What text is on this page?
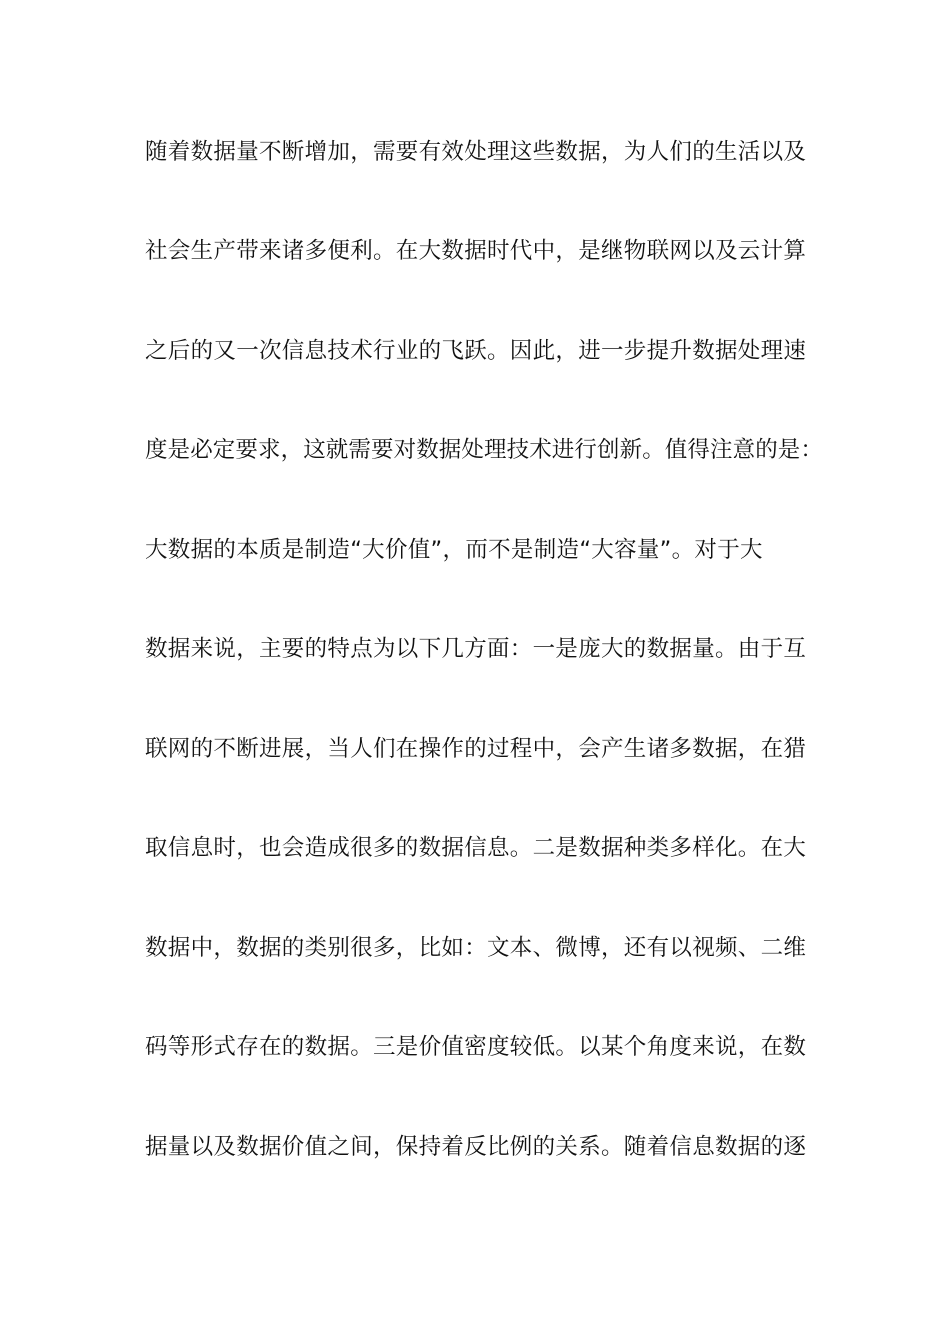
随着数据量不断增加，需要有效处理这些数据，为人们的生活以及
社会生产带来诸多便利。在大数据时代中，是继物联网以及云计算
之后的又一次信息技术行业的飞跃。因此，进一步提升数据处理速
度是必定要求，这就需要对数据处理技术进行创新。值得注意的是：
大数据的本质是制造“大价值”，而不是制造“大容量”。对于大
数据来说，主要的特点为以下几方面：一是庞大的数据量。由于互
联网的不断进展，当人们在操作的过程中，会产生诸多数据，在猎
取信息时，也会造成很多的数据信息。二是数据种类多样化。在大
数据中，数据的类别很多，比如：文本、微博，还有以视频、二维
码等形式存在的数据。三是价值密度较低。以某个角度来说，在数
据量以及数据价值之间，保持着反比例的关系。随着信息数据的逐
